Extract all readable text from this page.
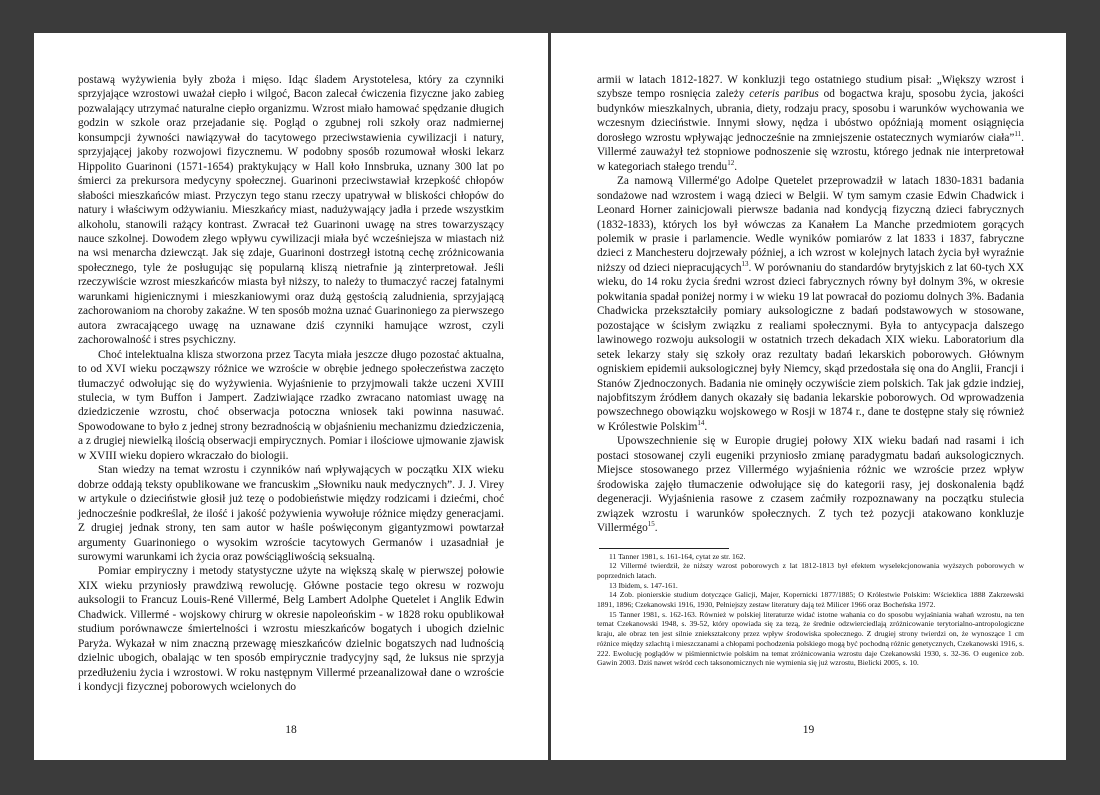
postawą wyżywienia były zboża i mięso. Idąc śladem Arystotelesa, który za czynniki sprzyjające wzrostowi uważał ciepło i wilgoć, Bacon zalecał ćwiczenia fizyczne jako zabieg pozwalający utrzymać naturalne ciepło organizmu. Wzrost miało hamować spędzanie długich godzin w szkole oraz przejadanie się. Pogląd o zgubnej roli szkoły oraz nadmiernej konsumpcji żywności nawiązywał do tacytowego przeciwstawienia cywilizacji i natury, sprzyjającej jakoby rozwojowi fizycznemu. W podobny sposób rozumował włoski lekarz Hippolito Guarinoni (1571-1654) praktykujący w Hall koło Innsbruka, uznany 300 lat po śmierci za prekursora medycyny społecznej. Guarinoni przeciwstawiał krzepkość chłopów słabości mieszkańców miast. Przyczyn tego stanu rzeczy upatrywał w bliskości chłopów do natury i właściwym odżywianiu. Mieszkańcy miast, nadużywający jadła i przede wszystkim alkoholu, stanowili rażący kontrast. Zwracał też Guarinoni uwagę na stres towarzyszący nauce szkolnej. Dowodem złego wpływu cywilizacji miała być wcześniejsza w miastach niż na wsi menarcha dziewcząt. Jak się zdaje, Guarinoni dostrzegł istotną cechę zróżnicowania społecznego, tyle że posługując się popularną kliszą nietrafnie ją zinterpretował. Jeśli rzeczywiście wzrost mieszkańców miasta był niższy, to należy to tłumaczyć raczej fatalnymi warunkami higienicznymi i mieszkaniowymi oraz dużą gęstością zaludnienia, sprzyjającą zachorowaniom na choroby zakaźne. W ten sposób można uznać Guarinoniego za pierwszego autora zwracającego uwagę na uznawane dziś czynniki hamujące wzrost, czyli zachorowalność i stres psychiczny.

Choć intelektualna klisza stworzona przez Tacyta miała jeszcze długo pozostać aktualna, to od XVI wieku począwszy różnice we wzroście w obrębie jednego społeczeństwa zaczęto tłumaczyć odwołując się do wyżywienia. Wyjaśnienie to przyjmowali także uczeni XVIII stulecia, w tym Buffon i Jampert. Zadziwiające rzadko zwracano natomiast uwagę na dziedziczenie wzrostu, choć obserwacja potoczna wniosek taki powinna nasuwać. Spowodowane to było z jednej strony bezradnością w objaśnieniu mechanizmu dziedziczenia, a z drugiej niewielką ilością obserwacji empirycznych. Pomiar i ilościowe ujmowanie zjawisk w XVIII wieku dopiero wkraczało do biologii.

Stan wiedzy na temat wzrostu i czynników nań wpływających w początku XIX wieku dobrze oddają teksty opublikowane we francuskim „Słowniku nauk medycznych”. J. J. Virey w artykule o dzieciństwie głosił już tezę o podobieństwie między rodzicami i dziećmi, choć jednocześnie podkreślał, że ilość i jakość pożywienia wywołuje różnice między generacjami. Z drugiej jednak strony, ten sam autor w haśle poświęconym gigantyzmowi powtarzał argumenty Guarinoniego o wysokim wzroście tacytowych Germanów i uzasadniał je surowymi warunkami ich życia oraz powściągliwością seksualną.

Pomiar empiryczny i metody statystyczne użyte na większą skalę w pierwszej połowie XIX wieku przyniosły prawdziwą rewolucję. Główne postacie tego okresu w rozwoju auksologii to Francuz Louis-René Villermé, Belg Lambert Adolphe Quetelet i Anglik Edwin Chadwick. Villermé - wojskowy chirurg w okresie napoleońskim - w 1828 roku opublikował studium porównawcze śmiertelności i wzrostu mieszkańców bogatych i ubogich dzielnic Paryża. Wykazał w nim znaczną przewagę mieszkańców dzielnic bogatszych nad ludnością dzielnic ubogich, obalając w ten sposób empirycznie tradycyjny sąd, że luksus nie sprzyja przedłużeniu życia i wzrostowi. W roku następnym Villermé przeanalizował dane o wzroście i kondycji fizycznej poborowych wcielonych do

18

armii w latach 1812-1827. W konkluzji tego ostatniego studium pisał: „Większy wzrost i szybsze tempo rosnięcia zależy ceteris paribus od bogactwa kraju, sposobu życia, jakości budynków mieszkalnych, ubrania, diety, rodzaju pracy, sposobu i warunków wychowania we wczesnym dzieciństwie. Innymi słowy, nędza i ubóstwo opóźniają moment osiągnięcia dorosłego wzrostu wpływając jednocześnie na zmniejszenie ostatecznych wymiarów ciała”$^{11}$. Villermé zauważył też stopniowe podnoszenie się wzrostu, którego jednak nie interpretował w kategoriach stałego trendu$^{12}$.

Za namową Villermé'go Adolpe Quetelet przeprowadził w latach 1830-1831 badania sondażowe nad wzrostem i wagą dzieci w Belgii. W tym samym czasie Edwin Chadwick i Leonard Horner zainicjowali pierwsze badania nad kondycją fizyczną dzieci fabrycznych (1832-1833), których los był wówczas za Kanałem La Manche przedmiotem gorących polemik w prasie i parlamencie. Wedle wyników pomiarów z lat 1833 i 1837, fabryczne dzieci z Manchesteru dojrzewały później, a ich wzrost w kolejnych latach życia był wyraźnie niższy od dzieci niepracujących$^{13}$. W porównaniu do standardów brytyjskich z lat 60-tych XX wieku, do 14 roku życia średni wzrost dzieci fabrycznych równy był dolnym 3%, w okresie pokwitania spadał poniżej normy i w wieku 19 lat powracał do poziomu dolnych 3%. Badania Chadwicka przekształciły pomiary auksologiczne z badań podstawowych w stosowane, pozostające w ścisłym związku z realiami społecznymi. Była to antycypacja dalszego lawinowego rozwoju auksologii w ostatnich trzech dekadach XIX wieku. Laboratorium dla setek lekarzy stały się szkoły oraz rezultaty badań lekarskich poborowych. Głównym ogniskiem epidemii auksologicznej były Niemcy, skąd przedostała się ona do Anglii, Francji i Stanów Zjednoczonych. Badania nie ominęły oczywiście ziem polskich. Tak jak gdzie indziej, najobfitszym źródłem danych okazały się badania lekarskie poborowych. Od wprowadzenia powszechnego obowiązku wojskowego w Rosji w 1874 r., dane te dostępne stały się również w Królestwie Polskim$^{14}$.

Upowszechnienie się w Europie drugiej połowy XIX wieku badań nad rasami i ich postaci stosowanej czyli eugeniki przyniosło zmianę paradygmatu badań auksologicznych. Miejsce stosowanego przez Villermégo wyjaśnienia różnic we wzroście przez wpływ środowiska zajęło tłumaczenie odwołujące się do kategorii rasy, jej doskonalenia bądź degeneracji. Wyjaśnienia rasowe z czasem zaćmiły rozpoznawany na początku stulecia związek wzrostu i warunków społecznych. Z tych też pozycji atakowano konkluzje Villermégo$^{15}$.

11 Tanner 1981, s. 161-164, cytat ze str. 162.

12 Villermé twierdził, że niższy wzrost poborowych z lat 1812-1813 był efektem wyselekcjonowania wyższych poborowych w poprzednich latach.

13 Ibidem, s. 147-161.

14 Zob. pionierskie studium dotyczące Galicji, Majer, Kopernicki 1877/1885; O Królestwie Polskim: Wścieklica 1888 Zakrzewski 1891, 1896; Czekanowski 1916, 1930, Pełniejszy zestaw literatury dają też Milicer 1966 oraz Bocheńska 1972.

15 Tanner 1981, s. 162-163. Również w polskiej literaturze widać istotne wahania co do sposobu wyjaśniania wahań wzrostu, na ten temat Czekanowski 1948, s. 39-52, który opowiada się za tezą, że średnie odzwierciedlają zróżnicowanie terytorialno-antropologiczne kraju, ale obraz ten jest silnie zniekształcony przez wpływ środowiska społecznego. Z drugiej strony twierdzi on, że wynoszące 1 cm różnice między szlachtą i mieszczanami a chłopami pochodzenia polskiego mogą być pochodną różnic genetycznych, Czekanowski 1916, s. 222. Ewolucję poglądów w piśmiennictwie polskim na temat zróżnicowania wzrostu daje Czekanowski 1930, s. 32-36. O eugenice zob. Gawin 2003. Dziś nawet wśród cech taksonomicznych nie wymienia się już wzrostu, Bielicki 2005, s. 10.

19
